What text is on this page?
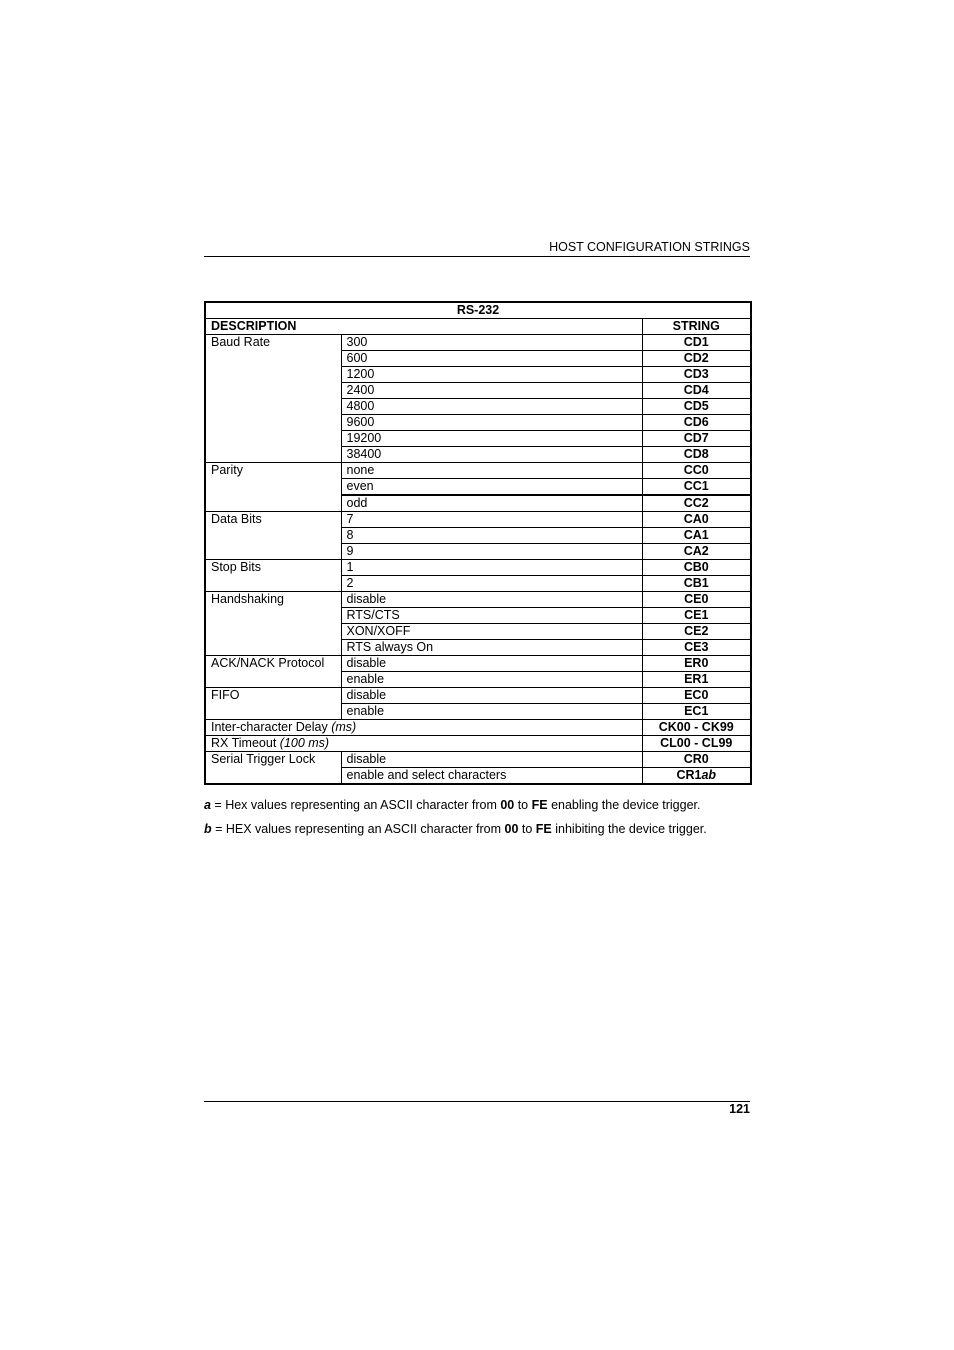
HOST CONFIGURATION STRINGS
RS-232		
DESCRIPTION		STRING
Baud Rate	300	CD1
	600	CD2
	1200	CD3
	2400	CD4
	4800	CD5
	9600	CD6
	19200	CD7
	38400	CD8
Parity	none	CC0
	even	CC1
	odd	CC2
Data Bits	7	CA0
	8	CA1
	9	CA2
Stop Bits	1	CB0
	2	CB1
Handshaking	disable	CE0
	RTS/CTS	CE1
	XON/XOFF	CE2
	RTS always On	CE3
ACK/NACK Protocol	disable	ER0
	enable	ER1
FIFO	disable	EC0
	enable	EC1
Inter-character Delay (ms)		CK00 - CK99
RX Timeout (100 ms)		CL00 - CL99
Serial Trigger Lock	disable	CR0
	enable and select characters	CR1ab
a = Hex values representing an ASCII character from 00 to FE enabling the device trigger.
b = HEX values representing an ASCII character from 00 to FE inhibiting the device trigger.
121
